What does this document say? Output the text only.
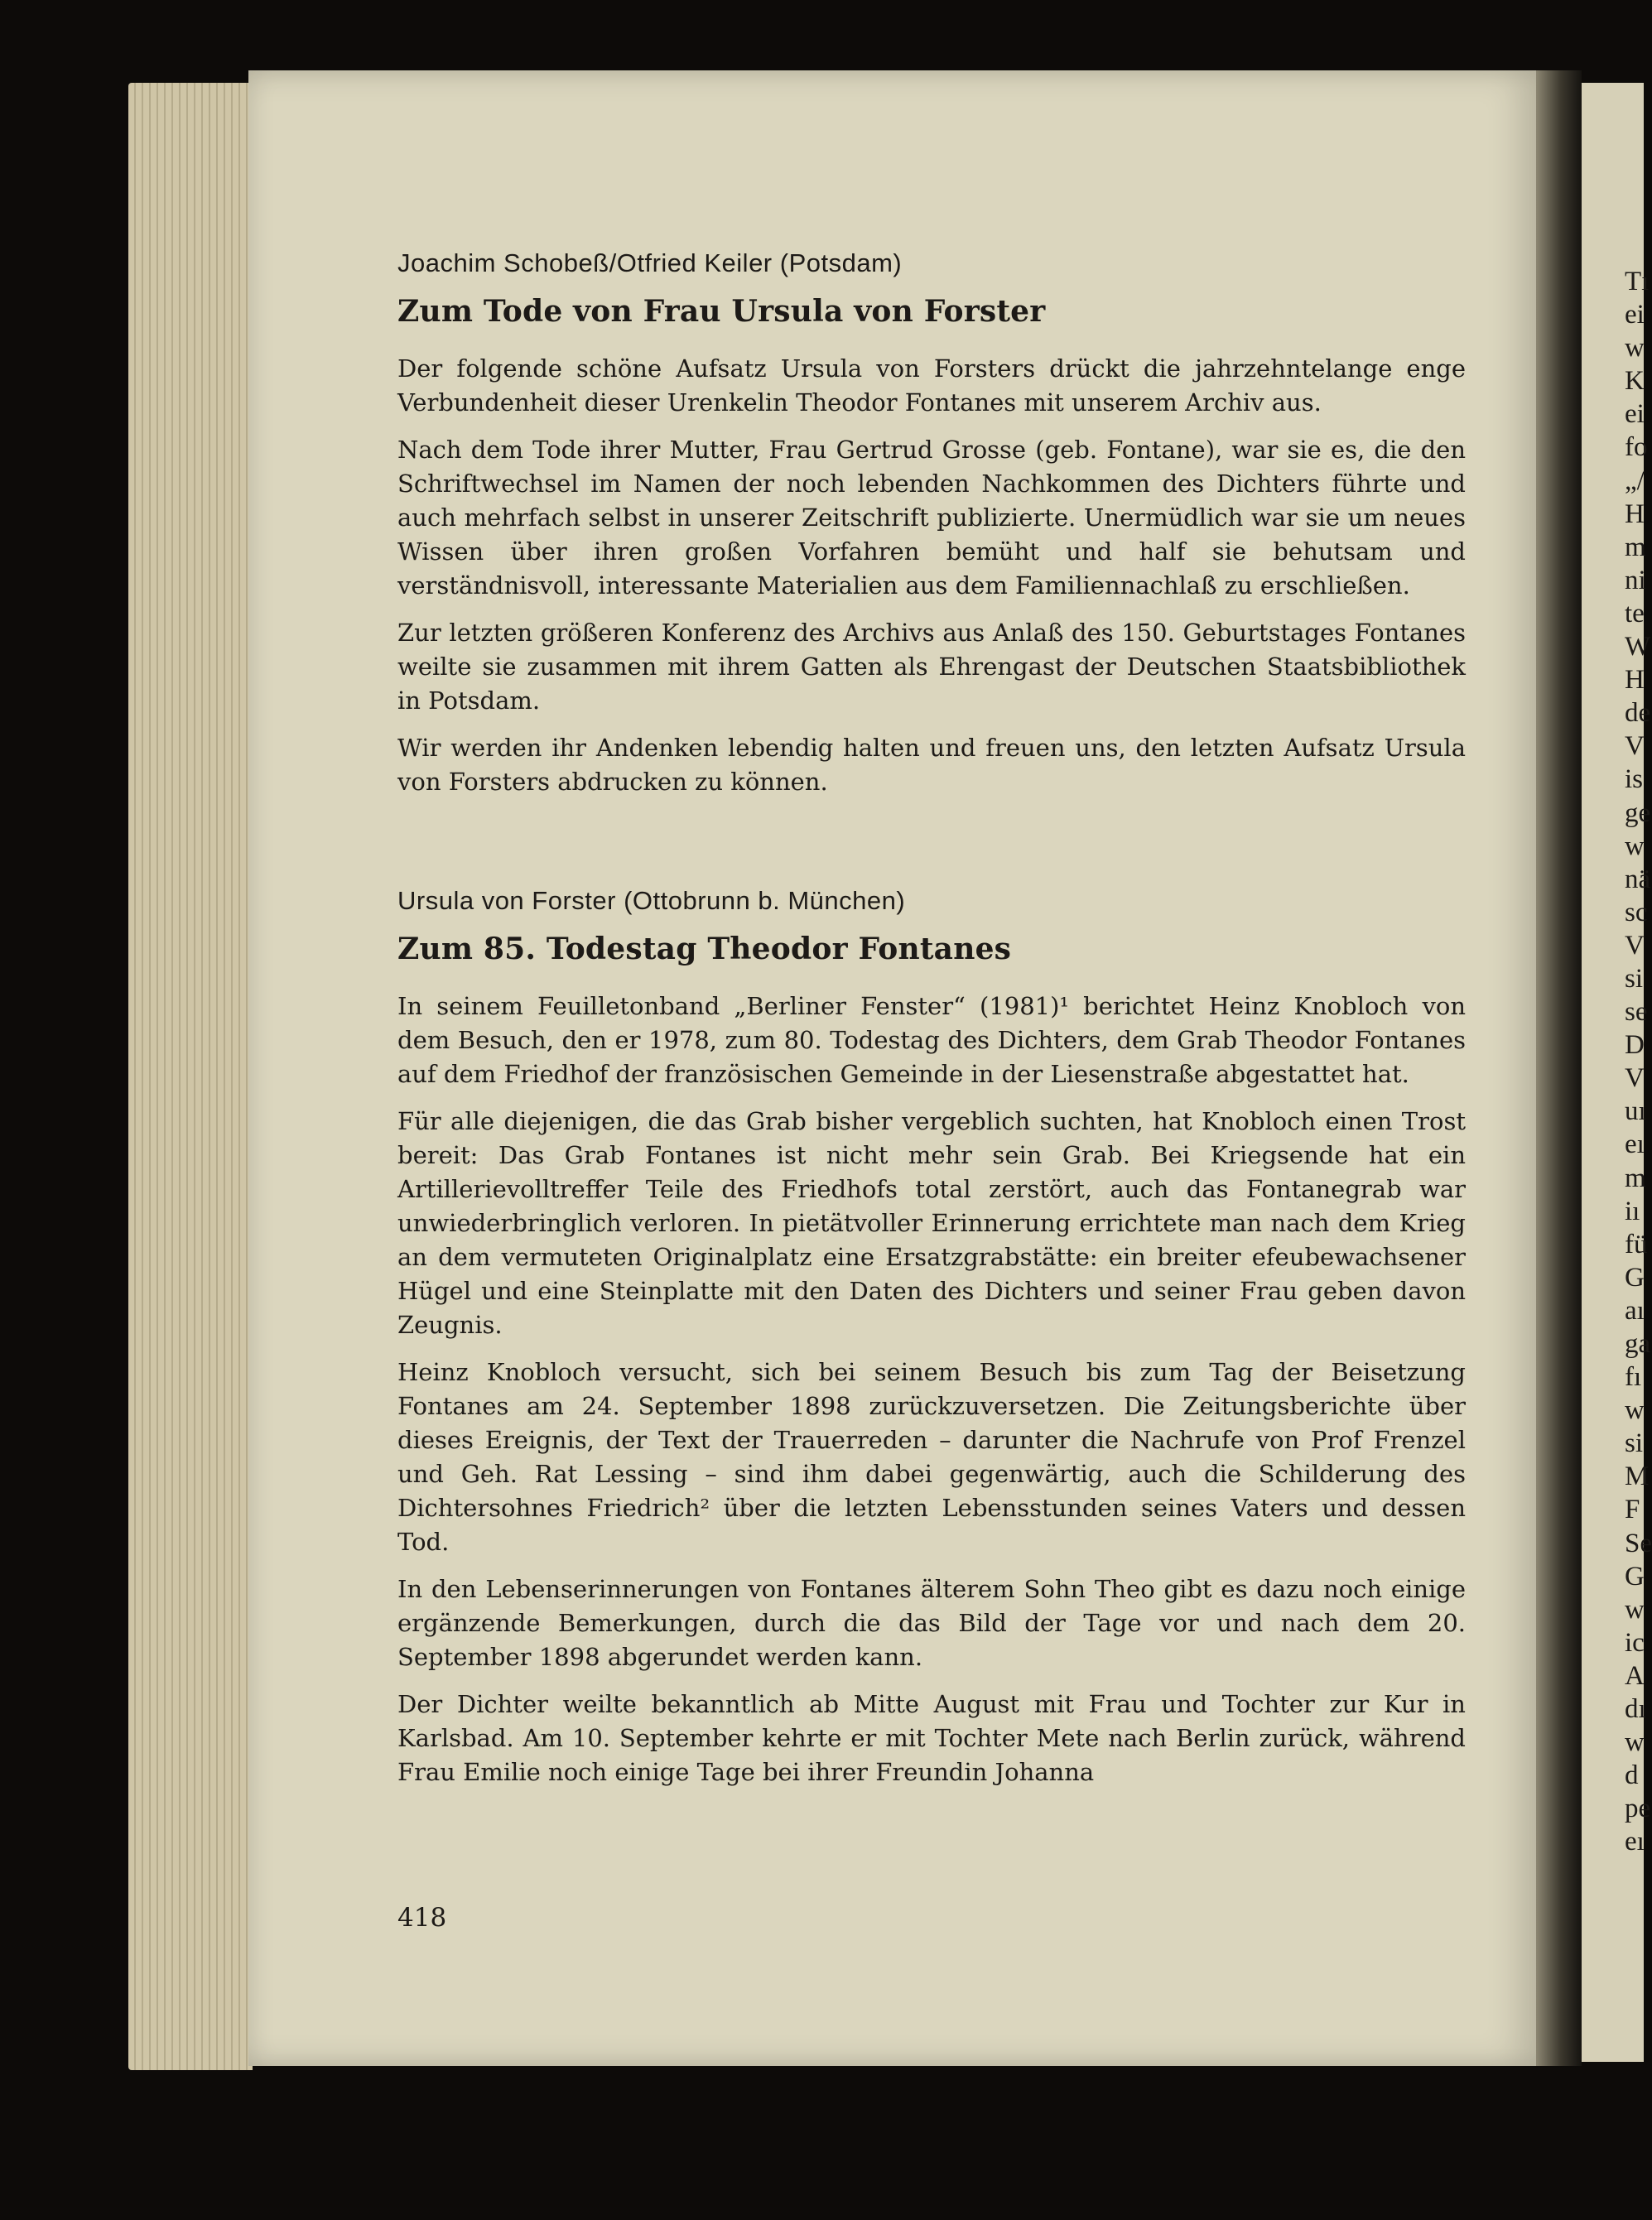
Tı
ei
w
K
ei
fo
„/
H
m
ni
te
W
H
de
V
is
ge
w
nä
sc
V
si
se
D
V
uı
eı
m
iı
fü
G
aı
ga
fı
w
si
M
F
Se
G
w
ic
A
dı
w
d
pe
eı

Joachim Schobeß/Otfried Keiler (Potsdam)

Zum Tode von Frau Ursula von Forster

Der folgende schöne Aufsatz Ursula von Forsters drückt die jahrzehntelange enge Verbundenheit dieser Urenkelin Theodor Fontanes mit unserem Archiv aus.

Nach dem Tode ihrer Mutter, Frau Gertrud Grosse (geb. Fontane), war sie es, die den Schriftwechsel im Namen der noch lebenden Nachkommen des Dichters führte und auch mehrfach selbst in unserer Zeitschrift publizierte. Unermüdlich war sie um neues Wissen über ihren großen Vorfahren bemüht und half sie behutsam und verständnisvoll, interessante Materialien aus dem Familiennachlaß zu erschließen.

Zur letzten größeren Konferenz des Archivs aus Anlaß des 150. Geburtstages Fontanes weilte sie zusammen mit ihrem Gatten als Ehrengast der Deutschen Staatsbibliothek in Potsdam.

Wir werden ihr Andenken lebendig halten und freuen uns, den letzten Aufsatz Ursula von Forsters abdrucken zu können.

Ursula von Forster (Ottobrunn b. München)

Zum 85. Todestag Theodor Fontanes

In seinem Feuilletonband „Berliner Fenster“ (1981)¹ berichtet Heinz Knobloch von dem Besuch, den er 1978, zum 80. Todestag des Dichters, dem Grab Theodor Fontanes auf dem Friedhof der französischen Gemeinde in der Liesenstraße abgestattet hat.

Für alle diejenigen, die das Grab bisher vergeblich suchten, hat Knobloch einen Trost bereit: Das Grab Fontanes ist nicht mehr sein Grab. Bei Kriegsende hat ein Artillerievolltreffer Teile des Friedhofs total zerstört, auch das Fontanegrab war unwiederbringlich verloren. In pietätvoller Erinnerung errichtete man nach dem Krieg an dem vermuteten Originalplatz eine Ersatzgrabstätte: ein breiter efeubewachsener Hügel und eine Steinplatte mit den Daten des Dichters und seiner Frau geben davon Zeugnis.

Heinz Knobloch versucht, sich bei seinem Besuch bis zum Tag der Beisetzung Fontanes am 24. September 1898 zurückzuversetzen. Die Zeitungsberichte über dieses Ereignis, der Text der Trauerreden – darunter die Nachrufe von Prof Frenzel und Geh. Rat Lessing – sind ihm dabei gegenwärtig, auch die Schilderung des Dichtersohnes Friedrich² über die letzten Lebensstunden seines Vaters und dessen Tod.

In den Lebenserinnerungen von Fontanes älterem Sohn Theo gibt es dazu noch einige ergänzende Bemerkungen, durch die das Bild der Tage vor und nach dem 20. September 1898 abgerundet werden kann.

Der Dichter weilte bekanntlich ab Mitte August mit Frau und Tochter zur Kur in Karlsbad. Am 10. September kehrte er mit Tochter Mete nach Berlin zurück, während Frau Emilie noch einige Tage bei ihrer Freundin Johanna

418
